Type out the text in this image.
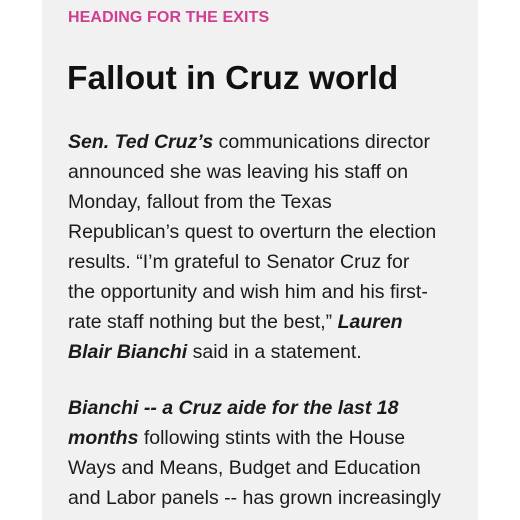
HEADING FOR THE EXITS

Fallout in Cruz world

Sen. Ted Cruz’s communications director
announced she was leaving his staff on
Monday, fallout from the Texas
Republican’s quest to overturn the election
results. “I’m grateful to Senator Cruz for
the opportunity and wish him and his first-
rate staff nothing but the best,” Lauren
Blair Bianchi said in a statement.

Bianchi -- a Cruz aide for the last 18
months following stints with the House
Ways and Means, Budget and Education
and Labor panels -- has grown increasingly
